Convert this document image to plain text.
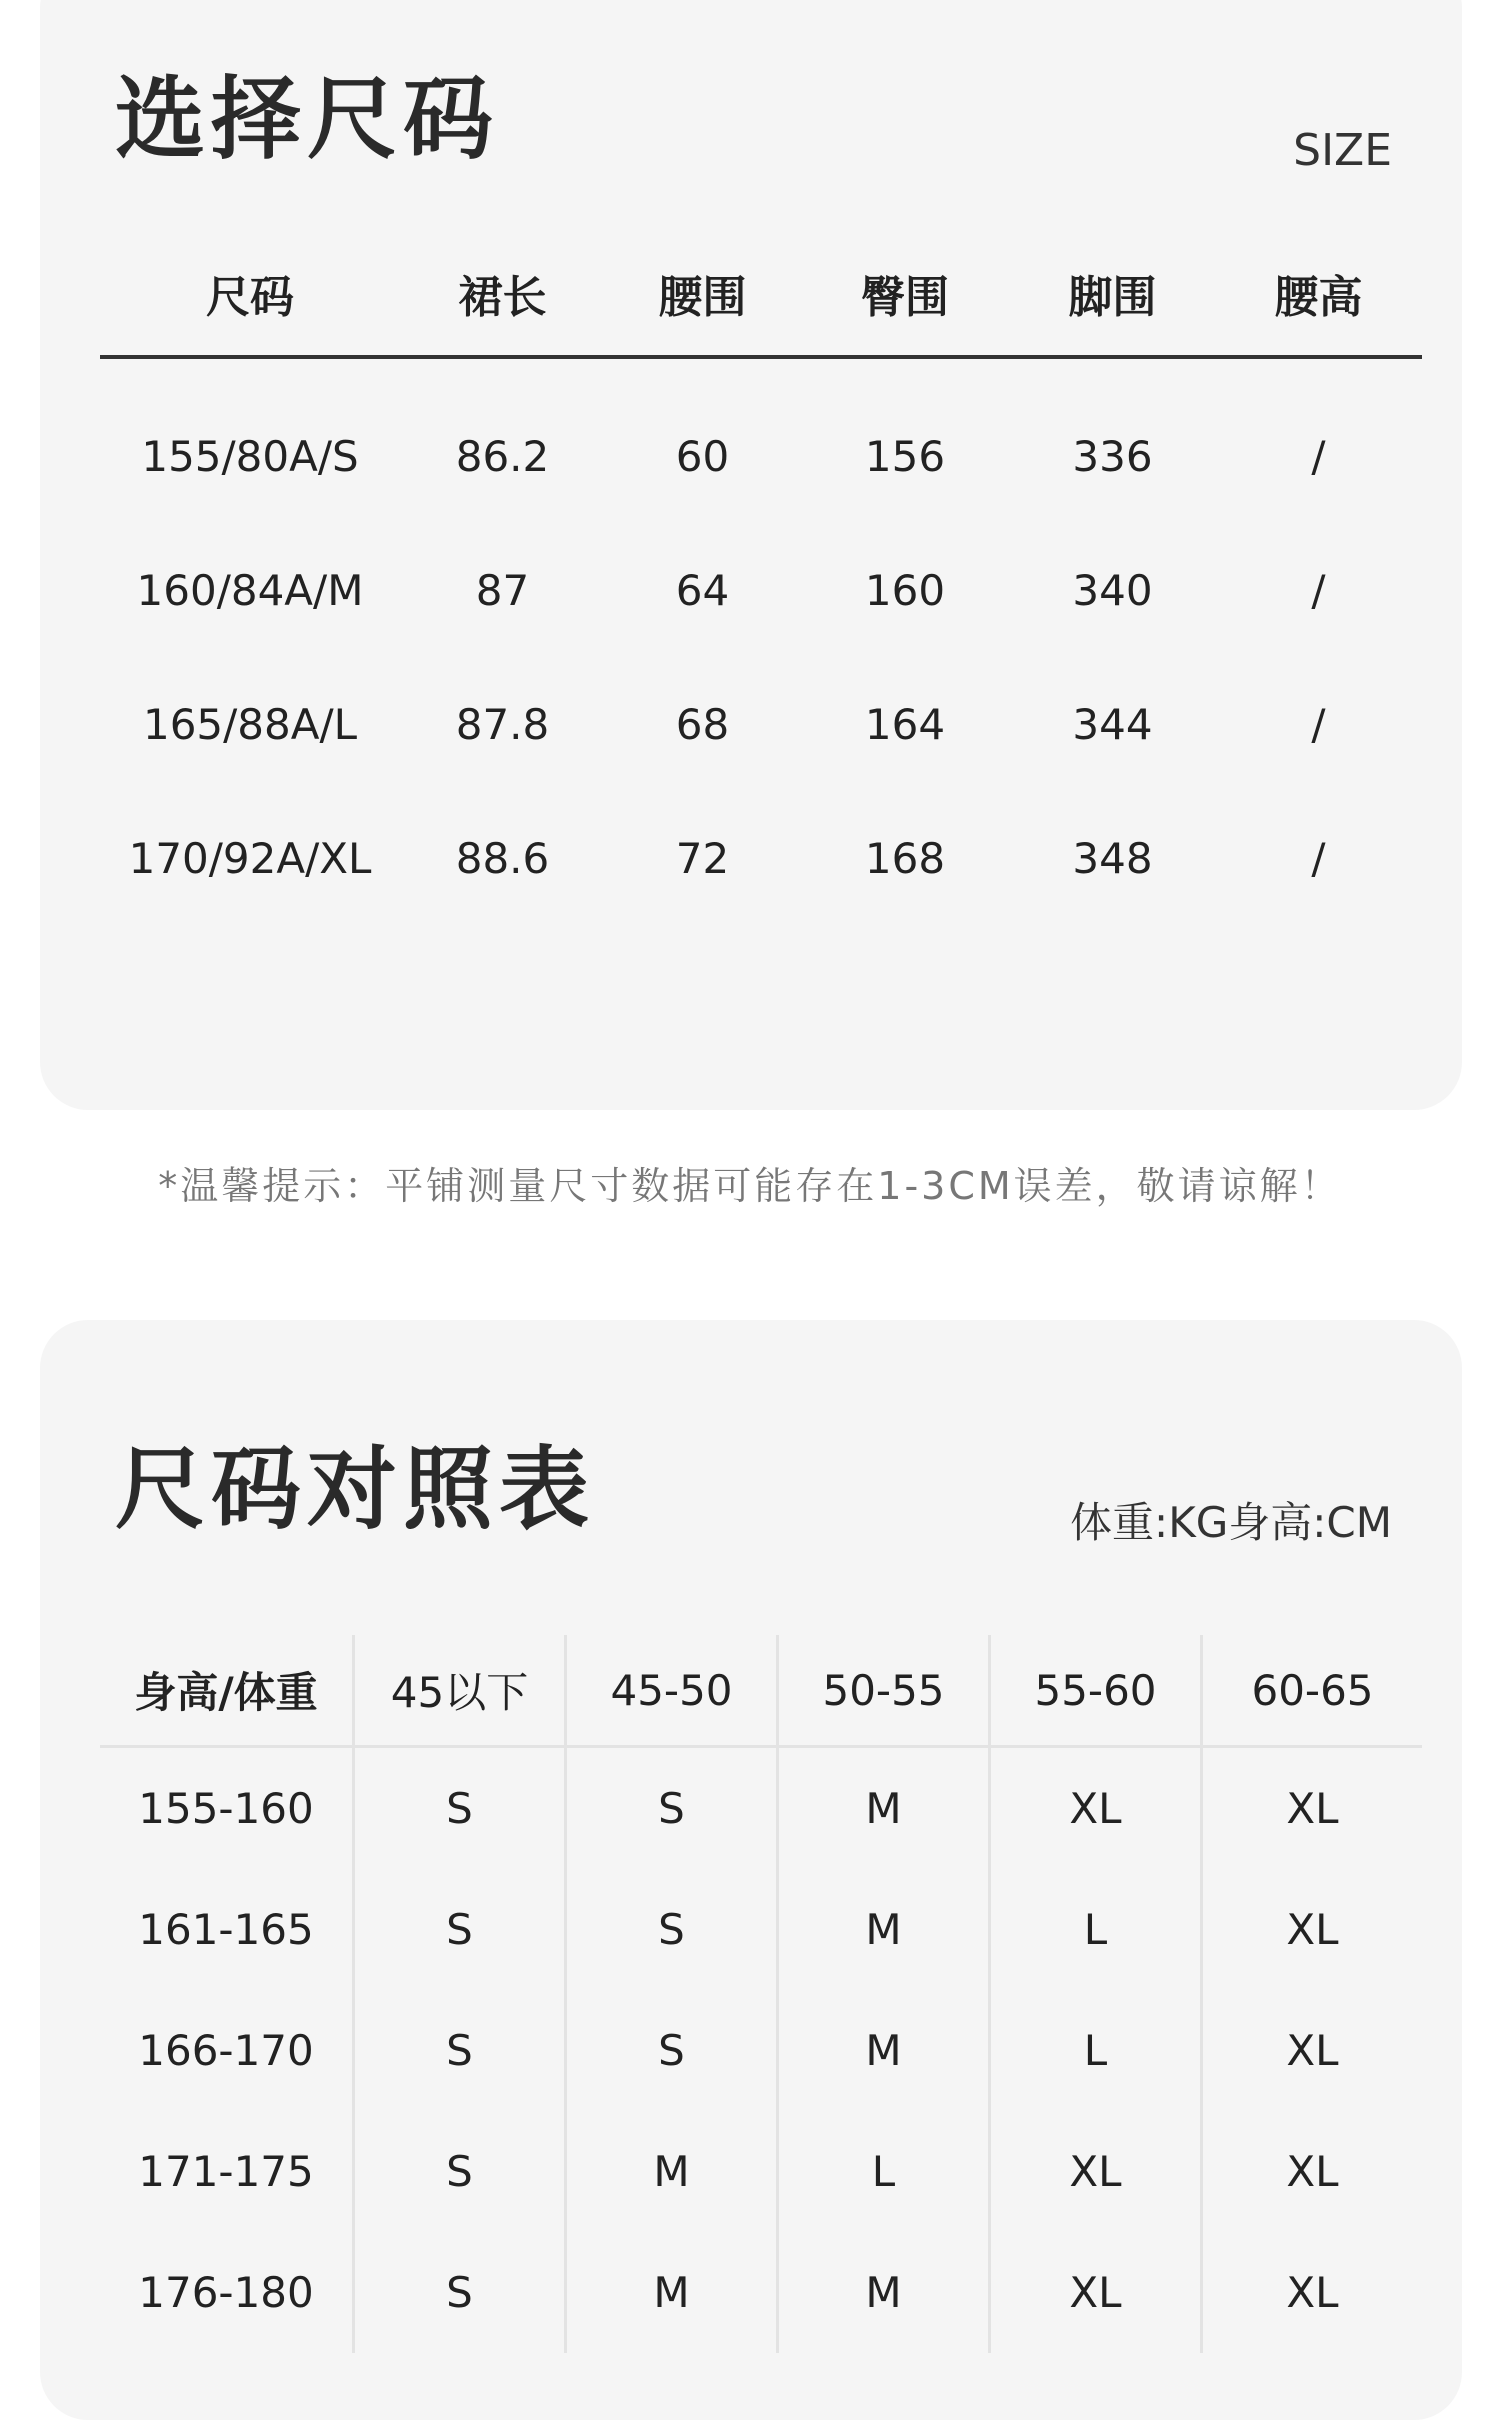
选择尺码	SIZE
尺码	裙长	腰围	臀围	脚围	腰高
155/80A/S	86.2	60	156	336	/
160/84A/M	87	64	160	340	/
165/88A/L	87.8	68	164	344	/
170/92A/XL	88.6	72	168	348	/
*温馨提示：平铺测量尺寸数据可能存在1-3CM误差，敬请谅解！
尺码对照表	体重:KG身高:CM
身高/体重	45以下	45-50	50-55	55-60	60-65
155-160	S	S	M	XL	XL
161-165	S	S	M	L	XL
166-170	S	S	M	L	XL
171-175	S	M	L	XL	XL
176-180	S	M	M	XL	XL
